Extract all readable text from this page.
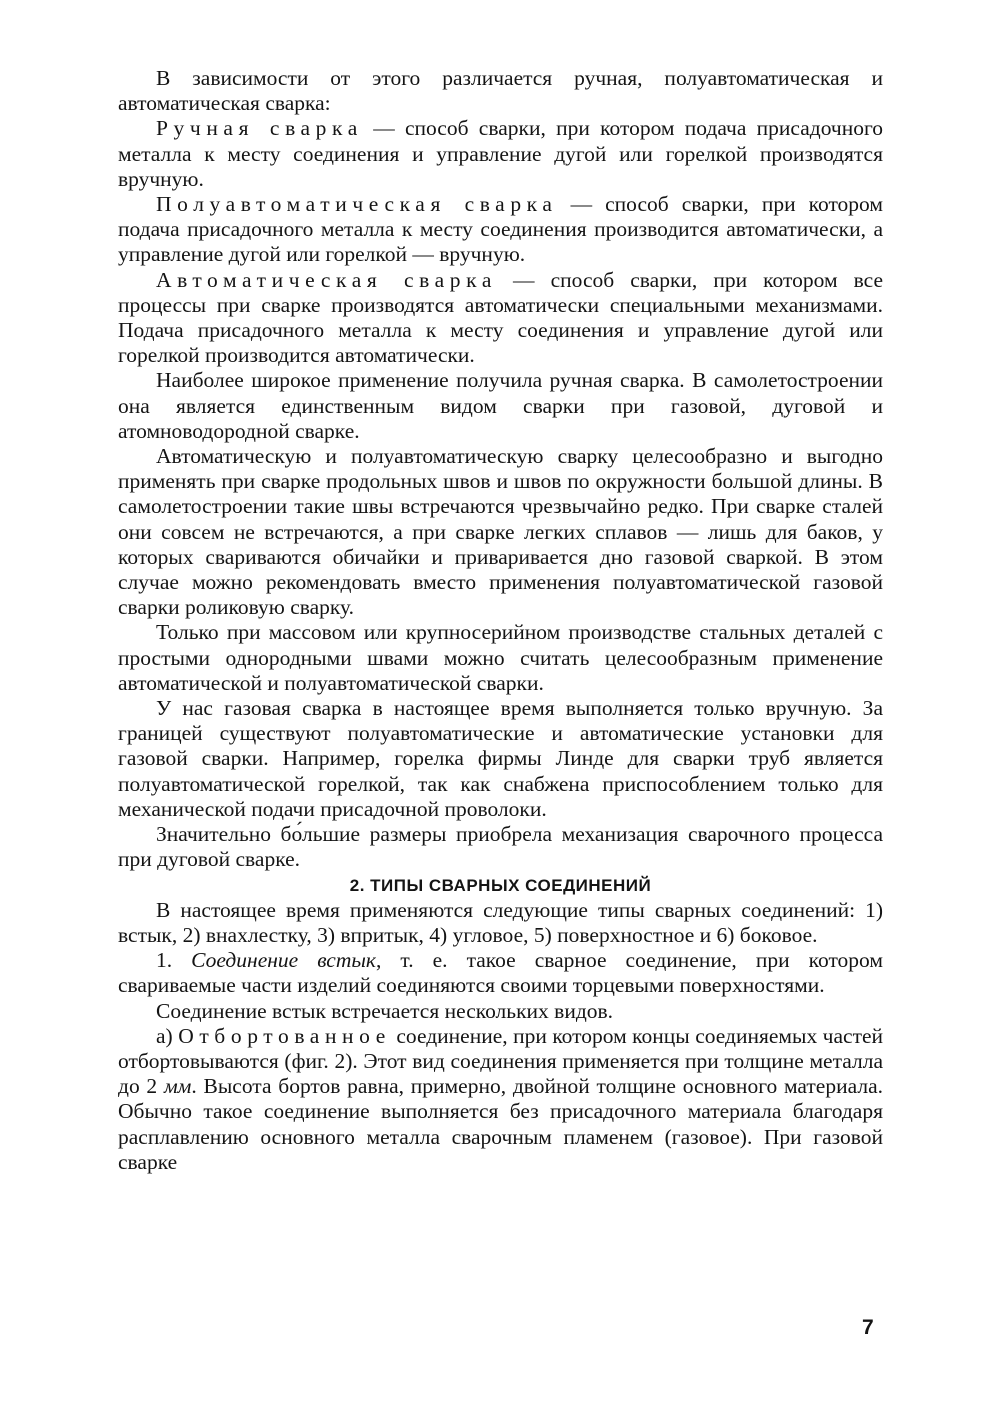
В зависимости от этого различается ручная, полуавтоматическая и автоматическая сварка:

Ручная сварка — способ сварки, при котором подача присадочного металла к месту соединения и управление дугой или горелкой производятся вручную.

Полуавтоматическая сварка — способ сварки, при котором подача присадочного металла к месту соединения производится автоматически, а управление дугой или горелкой — вручную.

Автоматическая сварка — способ сварки, при котором все процессы при сварке производятся автоматически специальными механизмами. Подача присадочного металла к месту соединения и управление дугой или горелкой производится автоматически.

Наиболее широкое применение получила ручная сварка. В самолетостроении она является единственным видом сварки при газовой, дуговой и атомноводородной сварке.

Автоматическую и полуавтоматическую сварку целесообразно и выгодно применять при сварке продольных швов и швов по окружности большой длины. В самолетостроении такие швы встречаются чрезвычайно редко. При сварке сталей они совсем не встречаются, а при сварке легких сплавов — лишь для баков, у которых свариваются обичайки и приваривается дно газовой сваркой. В этом случае можно рекомендовать вместо применения полуавтоматической газовой сварки роликовую сварку.

Только при массовом или крупносерийном производстве стальных деталей с простыми однородными швами можно считать целесообразным применение автоматической и полуавтоматической сварки.

У нас газовая сварка в настоящее время выполняется только вручную. За границей существуют полуавтоматические и автоматические установки для газовой сварки. Например, горелка фирмы Линде для сварки труб является полуавтоматической горелкой, так как снабжена приспособлением только для механической подачи присадочной проволоки.

Значительно бо́льшие размеры приобрела механизация сварочного процесса при дуговой сварке.

2. ТИПЫ СВАРНЫХ СОЕДИНЕНИЙ

В настоящее время применяются следующие типы сварных соединений: 1) встык, 2) внахлестку, 3) впритык, 4) угловое, 5) поверхностное и 6) боковое.

1. Соединение встык, т. е. такое сварное соединение, при котором свариваемые части изделий соединяются своими торцевыми поверхностями.

Соединение встык встречается нескольких видов.

а) Отбортованное соединение, при котором концы соединяемых частей отбортовываются (фиг. 2). Этот вид соединения применяется при толщине металла до 2 мм. Высота бортов равна, примерно, двойной толщине основного материала. Обычно такое соединение выполняется без присадочного материала благодаря расплавлению основного металла сварочным пламенем (газовое). При газовой сварке

7
